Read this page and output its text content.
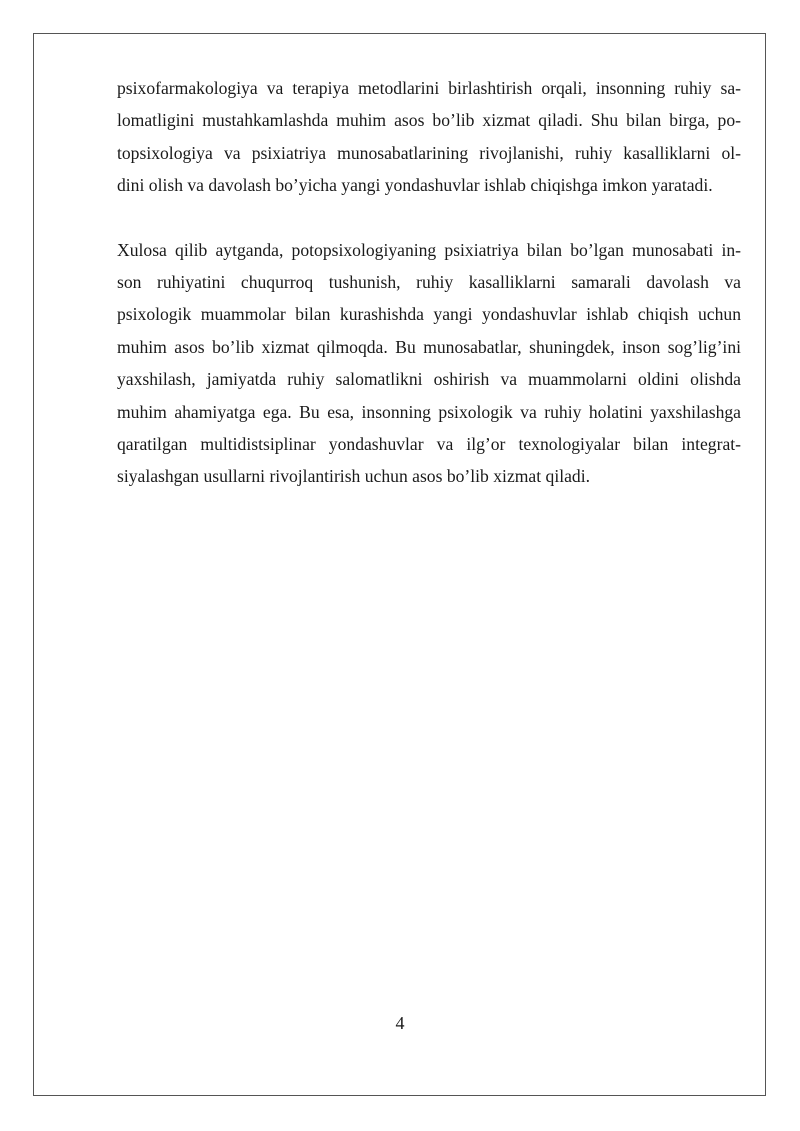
psixofarmakologiya va terapiya metodlarini birlashtirish orqali, insonning ruhiy sa-
lomatligini mustahkamlashda muhim asos bo’lib xizmat qiladi. Shu bilan birga, po-
topsixologiya va psixiatriya munosabatlarining rivojlanishi, ruhiy kasalliklarni ol-
dini olish va davolash bo’yicha yangi yondashuvlar ishlab chiqishga imkon yaratadi.

Xulosa qilib aytganda, potopsixologiyaning psixiatriya bilan bo’lgan munosabati in-
son ruhiyatini chuqurroq tushunish, ruhiy kasalliklarni samarali davolash va
psixologik muammolar bilan kurashishda yangi yondashuvlar ishlab chiqish uchun
muhim asos bo’lib xizmat qilmoqda. Bu munosabatlar, shuningdek, inson sog’lig’ini
yaxshilash, jamiyatda ruhiy salomatlikni oshirish va muammolarni oldini olishda
muhim ahamiyatga ega. Bu esa, insonning psixologik va ruhiy holatini yaxshilashga
qaratilgan multidistsiplinar yondashuvlar va ilg’or texnologiyalar bilan integrat-
siyalashgan usullarni rivojlantirish uchun asos bo’lib xizmat qiladi.

4
